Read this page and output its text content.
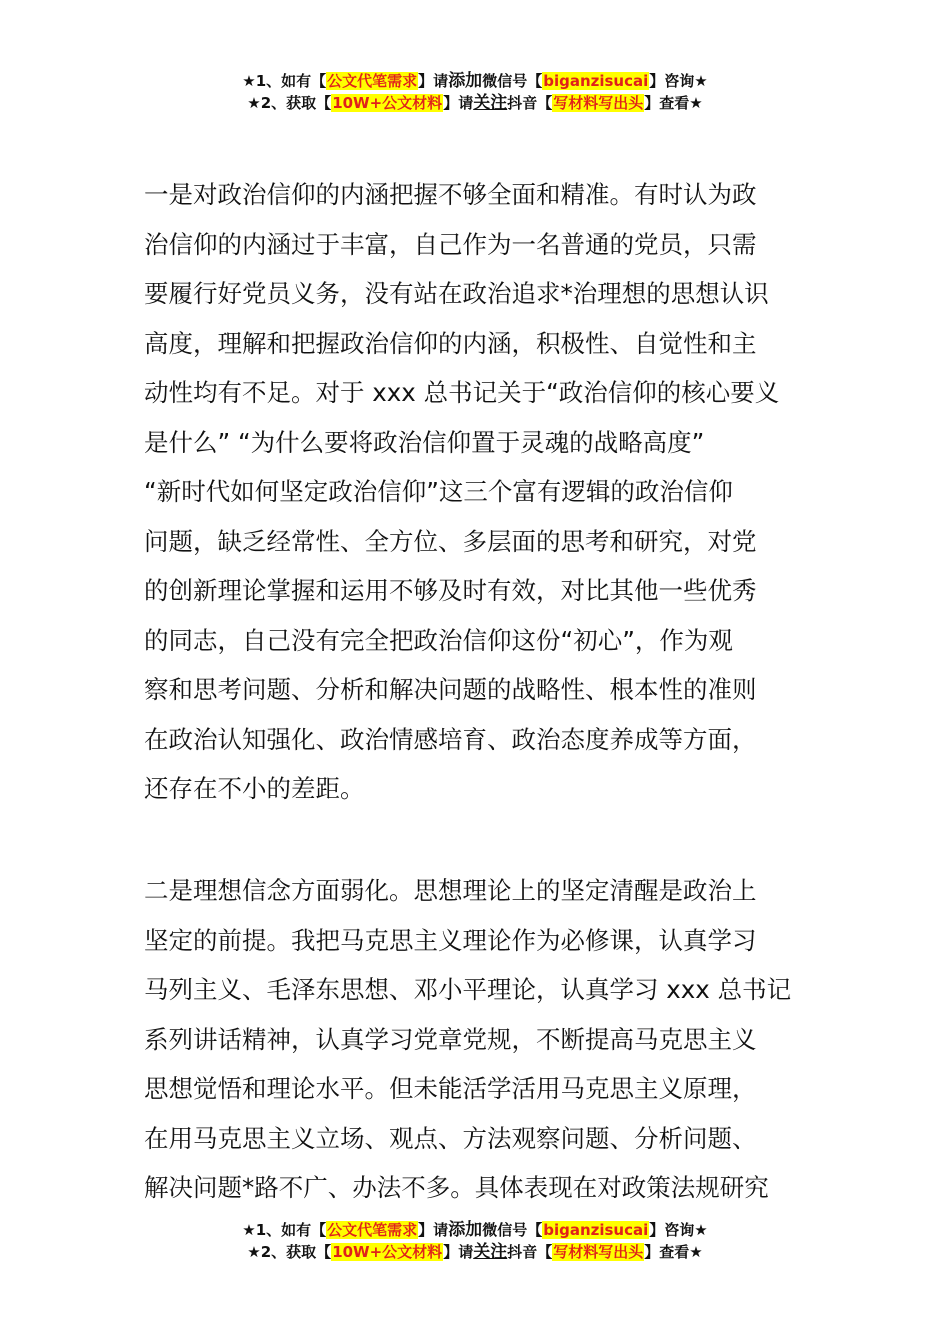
★1、如有【公文代笔需求】请添加微信号【biganzisucai】咨询★
★2、获取【10W+公文材料】请关注抖音【写材料写出头】查看★

一是对政治信仰的内涵把握不够全面和精准。有时认为政
治信仰的内涵过于丰富，自己作为一名普通的党员，只需
要履行好党员义务，没有站在政治追求*治理想的思想认识
高度，理解和把握政治信仰的内涵，积极性、自觉性和主
动性均有不足。对于 xxx 总书记关于“政治信仰的核心要义
是什么” “为什么要将政治信仰置于灵魂的战略高度”
“新时代如何坚定政治信仰”这三个富有逻辑的政治信仰
问题，缺乏经常性、全方位、多层面的思考和研究，对党
的创新理论掌握和运用不够及时有效，对比其他一些优秀
的同志，自己没有完全把政治信仰这份“初心”，作为观
察和思考问题、分析和解决问题的战略性、根本性的准则
在政治认知强化、政治情感培育、政治态度养成等方面，
还存在不小的差距。

二是理想信念方面弱化。思想理论上的坚定清醒是政治上
坚定的前提。我把马克思主义理论作为必修课，认真学习
马列主义、毛泽东思想、邓小平理论，认真学习 xxx 总书记
系列讲话精神，认真学习党章党规，不断提高马克思主义
思想觉悟和理论水平。但未能活学活用马克思主义原理，
在用马克思主义立场、观点、方法观察问题、分析问题、
解决问题*路不广、办法不多。具体表现在对政策法规研究

★1、如有【公文代笔需求】请添加微信号【biganzisucai】咨询★
★2、获取【10W+公文材料】请关注抖音【写材料写出头】查看★
